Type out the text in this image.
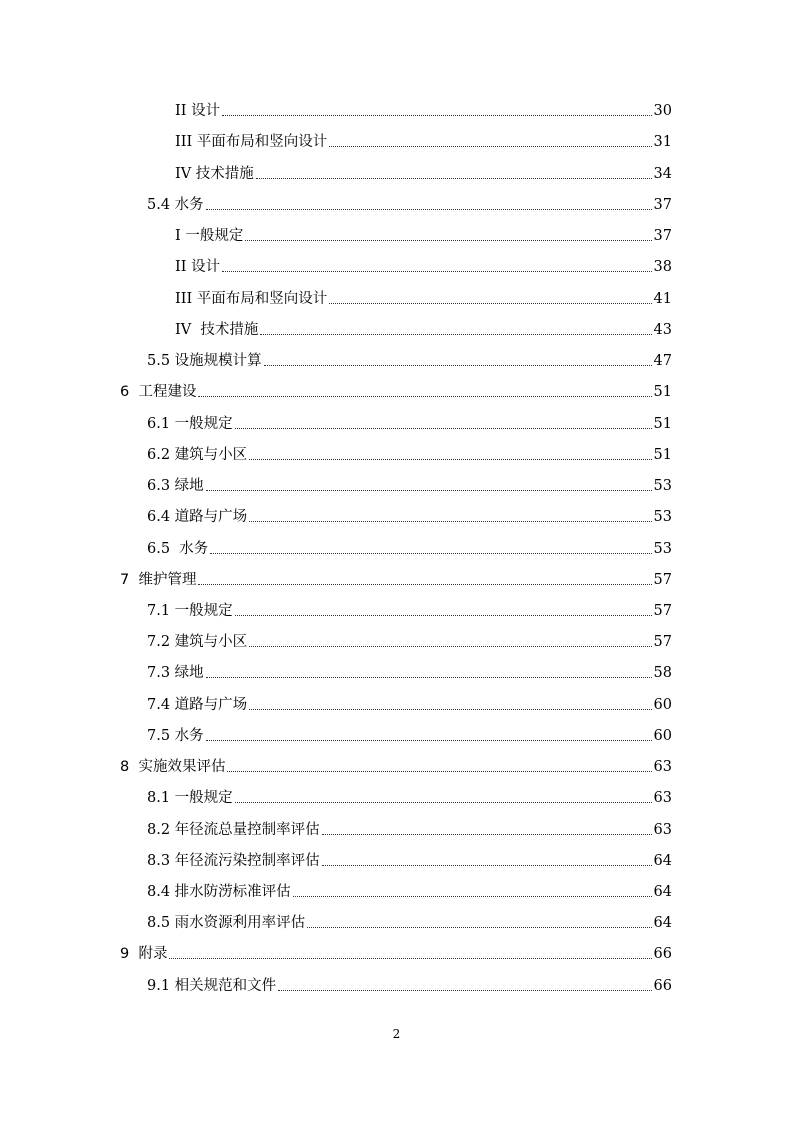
II 设计	30
III 平面布局和竖向设计	31
IV 技术措施	34
5.4 水务	37
I 一般规定	37
II 设计	38
III 平面布局和竖向设计	41
IV  技术措施	43
5.5 设施规模计算	47
6  工程建设	51
6.1 一般规定	51
6.2 建筑与小区	51
6.3 绿地	53
6.4 道路与广场	53
6.5  水务	53
7  维护管理	57
7.1 一般规定	57
7.2 建筑与小区	57
7.3 绿地	58
7.4 道路与广场	60
7.5 水务	60
8  实施效果评估	63
8.1 一般规定	63
8.2 年径流总量控制率评估	63
8.3 年径流污染控制率评估	64
8.4 排水防涝标准评估	64
8.5 雨水资源利用率评估	64
9  附录	66
9.1 相关规范和文件	66
2
